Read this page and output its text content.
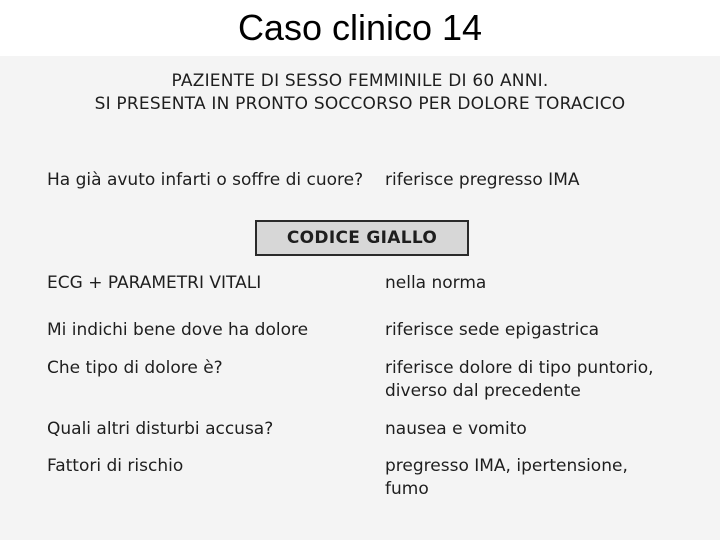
Caso clinico 14
PAZIENTE DI SESSO FEMMINILE DI 60 ANNI.
SI PRESENTA IN PRONTO SOCCORSO PER DOLORE TORACICO
Ha già avuto infarti o soffre di cuore? riferisce pregresso IMA
CODICE GIALLO
ECG + PARAMETRI VITALI	nella norma
Mi indichi bene dove ha dolore	riferisce sede epigastrica
Che tipo di dolore è?	riferisce dolore di tipo puntorio,
diverso dal precedente
Quali altri disturbi accusa?	nausea e vomito
Fattori di rischio	pregresso IMA, ipertensione,
fumo
